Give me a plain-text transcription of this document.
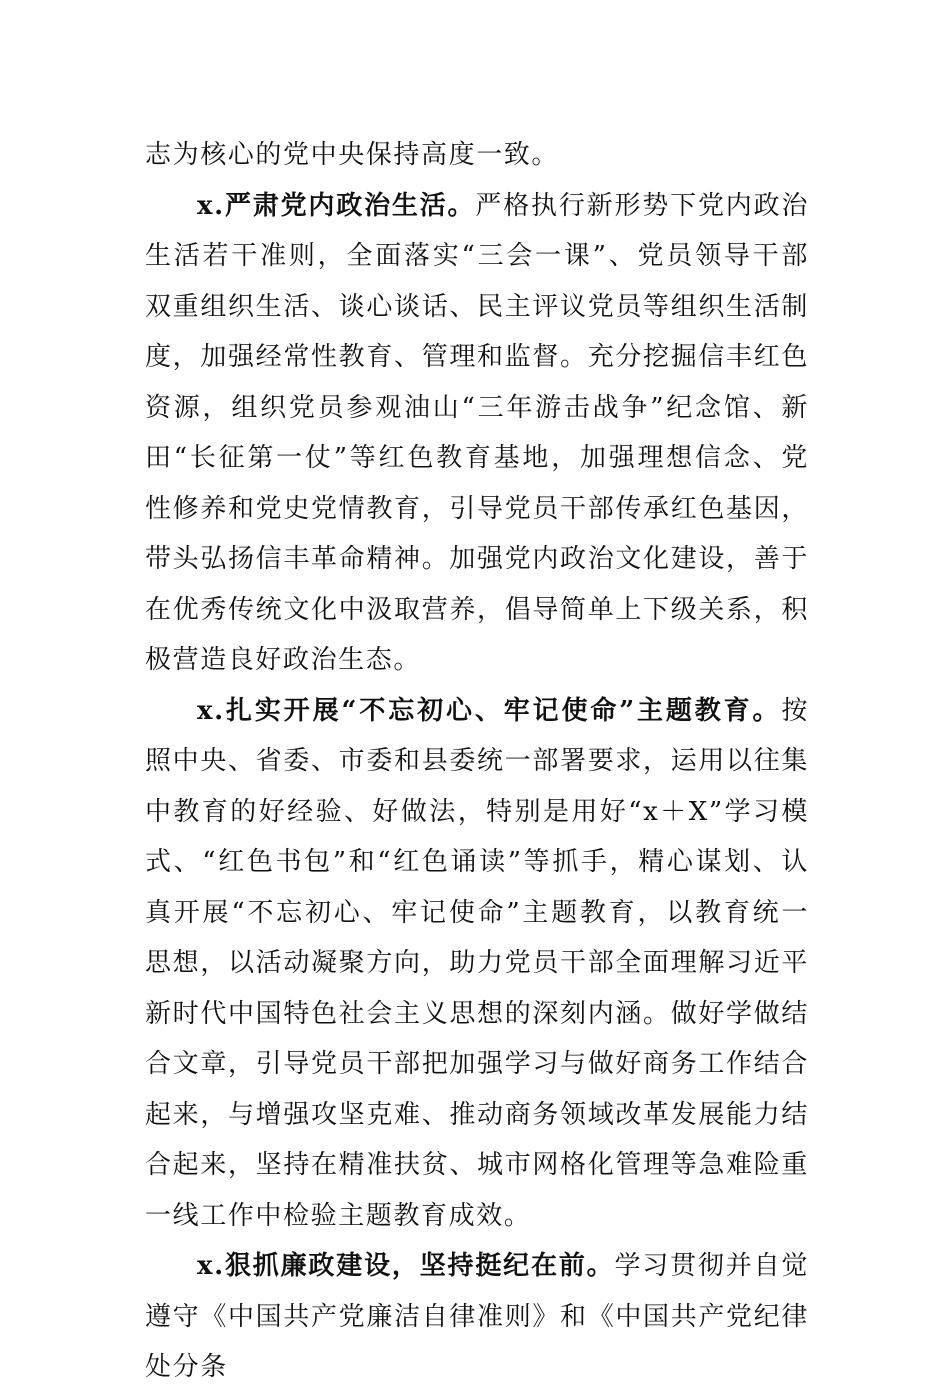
志为核心的党中央保持高度一致。

x.严肃党内政治生活。严格执行新形势下党内政治生活若干准则，全面落实“三会一课”、党员领导干部双重组织生活、谈心谈话、民主评议党员等组织生活制度，加强经常性教育、管理和监督。充分挖掘信丰红色资源，组织党员参观油山“三年游击战争”纪念馆、新田“长征第一仗”等红色教育基地，加强理想信念、党性修养和党史党情教育，引导党员干部传承红色基因，带头弘扬信丰革命精神。加强党内政治文化建设，善于在优秀传统文化中汲取营养，倡导简单上下级关系，积极营造良好政治生态。

x.扎实开展“不忘初心、牢记使命”主题教育。按照中央、省委、市委和县委统一部署要求，运用以往集中教育的好经验、好做法，特别是用好“x＋X”学习模式、“红色书包”和“红色诵读”等抓手，精心谋划、认真开展“不忘初心、牢记使命”主题教育，以教育统一思想，以活动凝聚方向，助力党员干部全面理解习近平新时代中国特色社会主义思想的深刻内涵。做好学做结合文章，引导党员干部把加强学习与做好商务工作结合起来，与增强攻坚克难、推动商务领域改革发展能力结合起来，坚持在精准扶贫、城市网格化管理等急难险重一线工作中检验主题教育成效。

x.狠抓廉政建设，坚持挺纪在前。学习贯彻并自觉遵守《中国共产党廉洁自律准则》和《中国共产党纪律处分条
